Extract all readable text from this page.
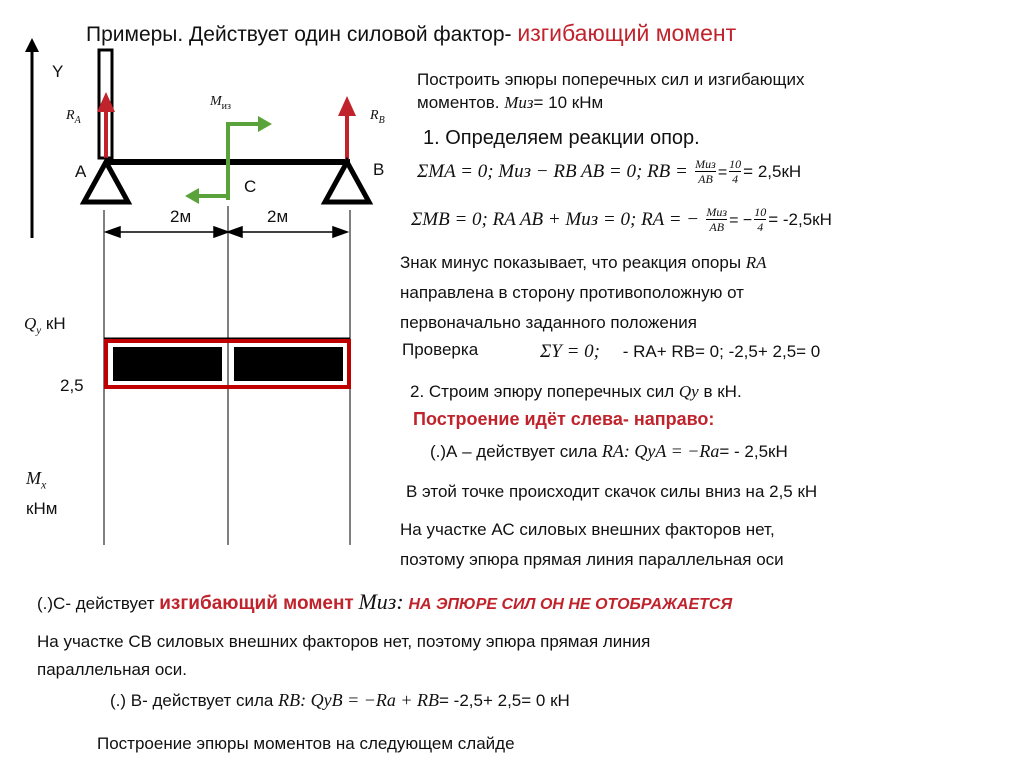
Y
$R_A$	$R_B$
$M_{из}$
A	B
C
2м	2м
$Q_y$ кН
2,5
$M_x$
кНм
Примеры. Действует один силовой фактор- изгибающий момент
Построить эпюры поперечных сил и изгибающих
моментов. Mиз= 10 кНм
1. Определяем реакции опор.
ΣMA = 0; Mиз − RB AB = 0; RB = Mиз
AB = $\frac{10}{4} = 2,5кН$
ΣMB = 0; RA AB + Mиз = 0; RA = − Mиз
AB = − $\frac{10}{4} = -2,5кН$
Знак минус показывает, что реакция опоры RA
направлена в сторону противоположную от
первоначально заданного положения
Проверка	ΣY = 0; - RA+ RB= 0; -2,5+ 2,5= 0
2. Строим эпюру поперечных сил Qy в кН.
Построение идёт слева- направо:
(.)А – действует сила RA: QyA = −Ra= - 2,5кН
В этой точке происходит скачок силы вниз на 2,5 кН
На участке АС силовых внешних факторов нет,
поэтому эпюра прямая линия параллельная оси
(.)С- действует изгибающий момент Mиз: НА ЭПЮРЕ СИЛ ОН НЕ ОТОБРАЖАЕТСЯ
На участке СВ силовых внешних факторов нет, поэтому эпюра прямая линия
параллельная оси.
(.) В- действует сила RB: QyB = −Ra + RB= -2,5+ 2,5= 0 кН
Построение эпюры моментов на следующем слайде
